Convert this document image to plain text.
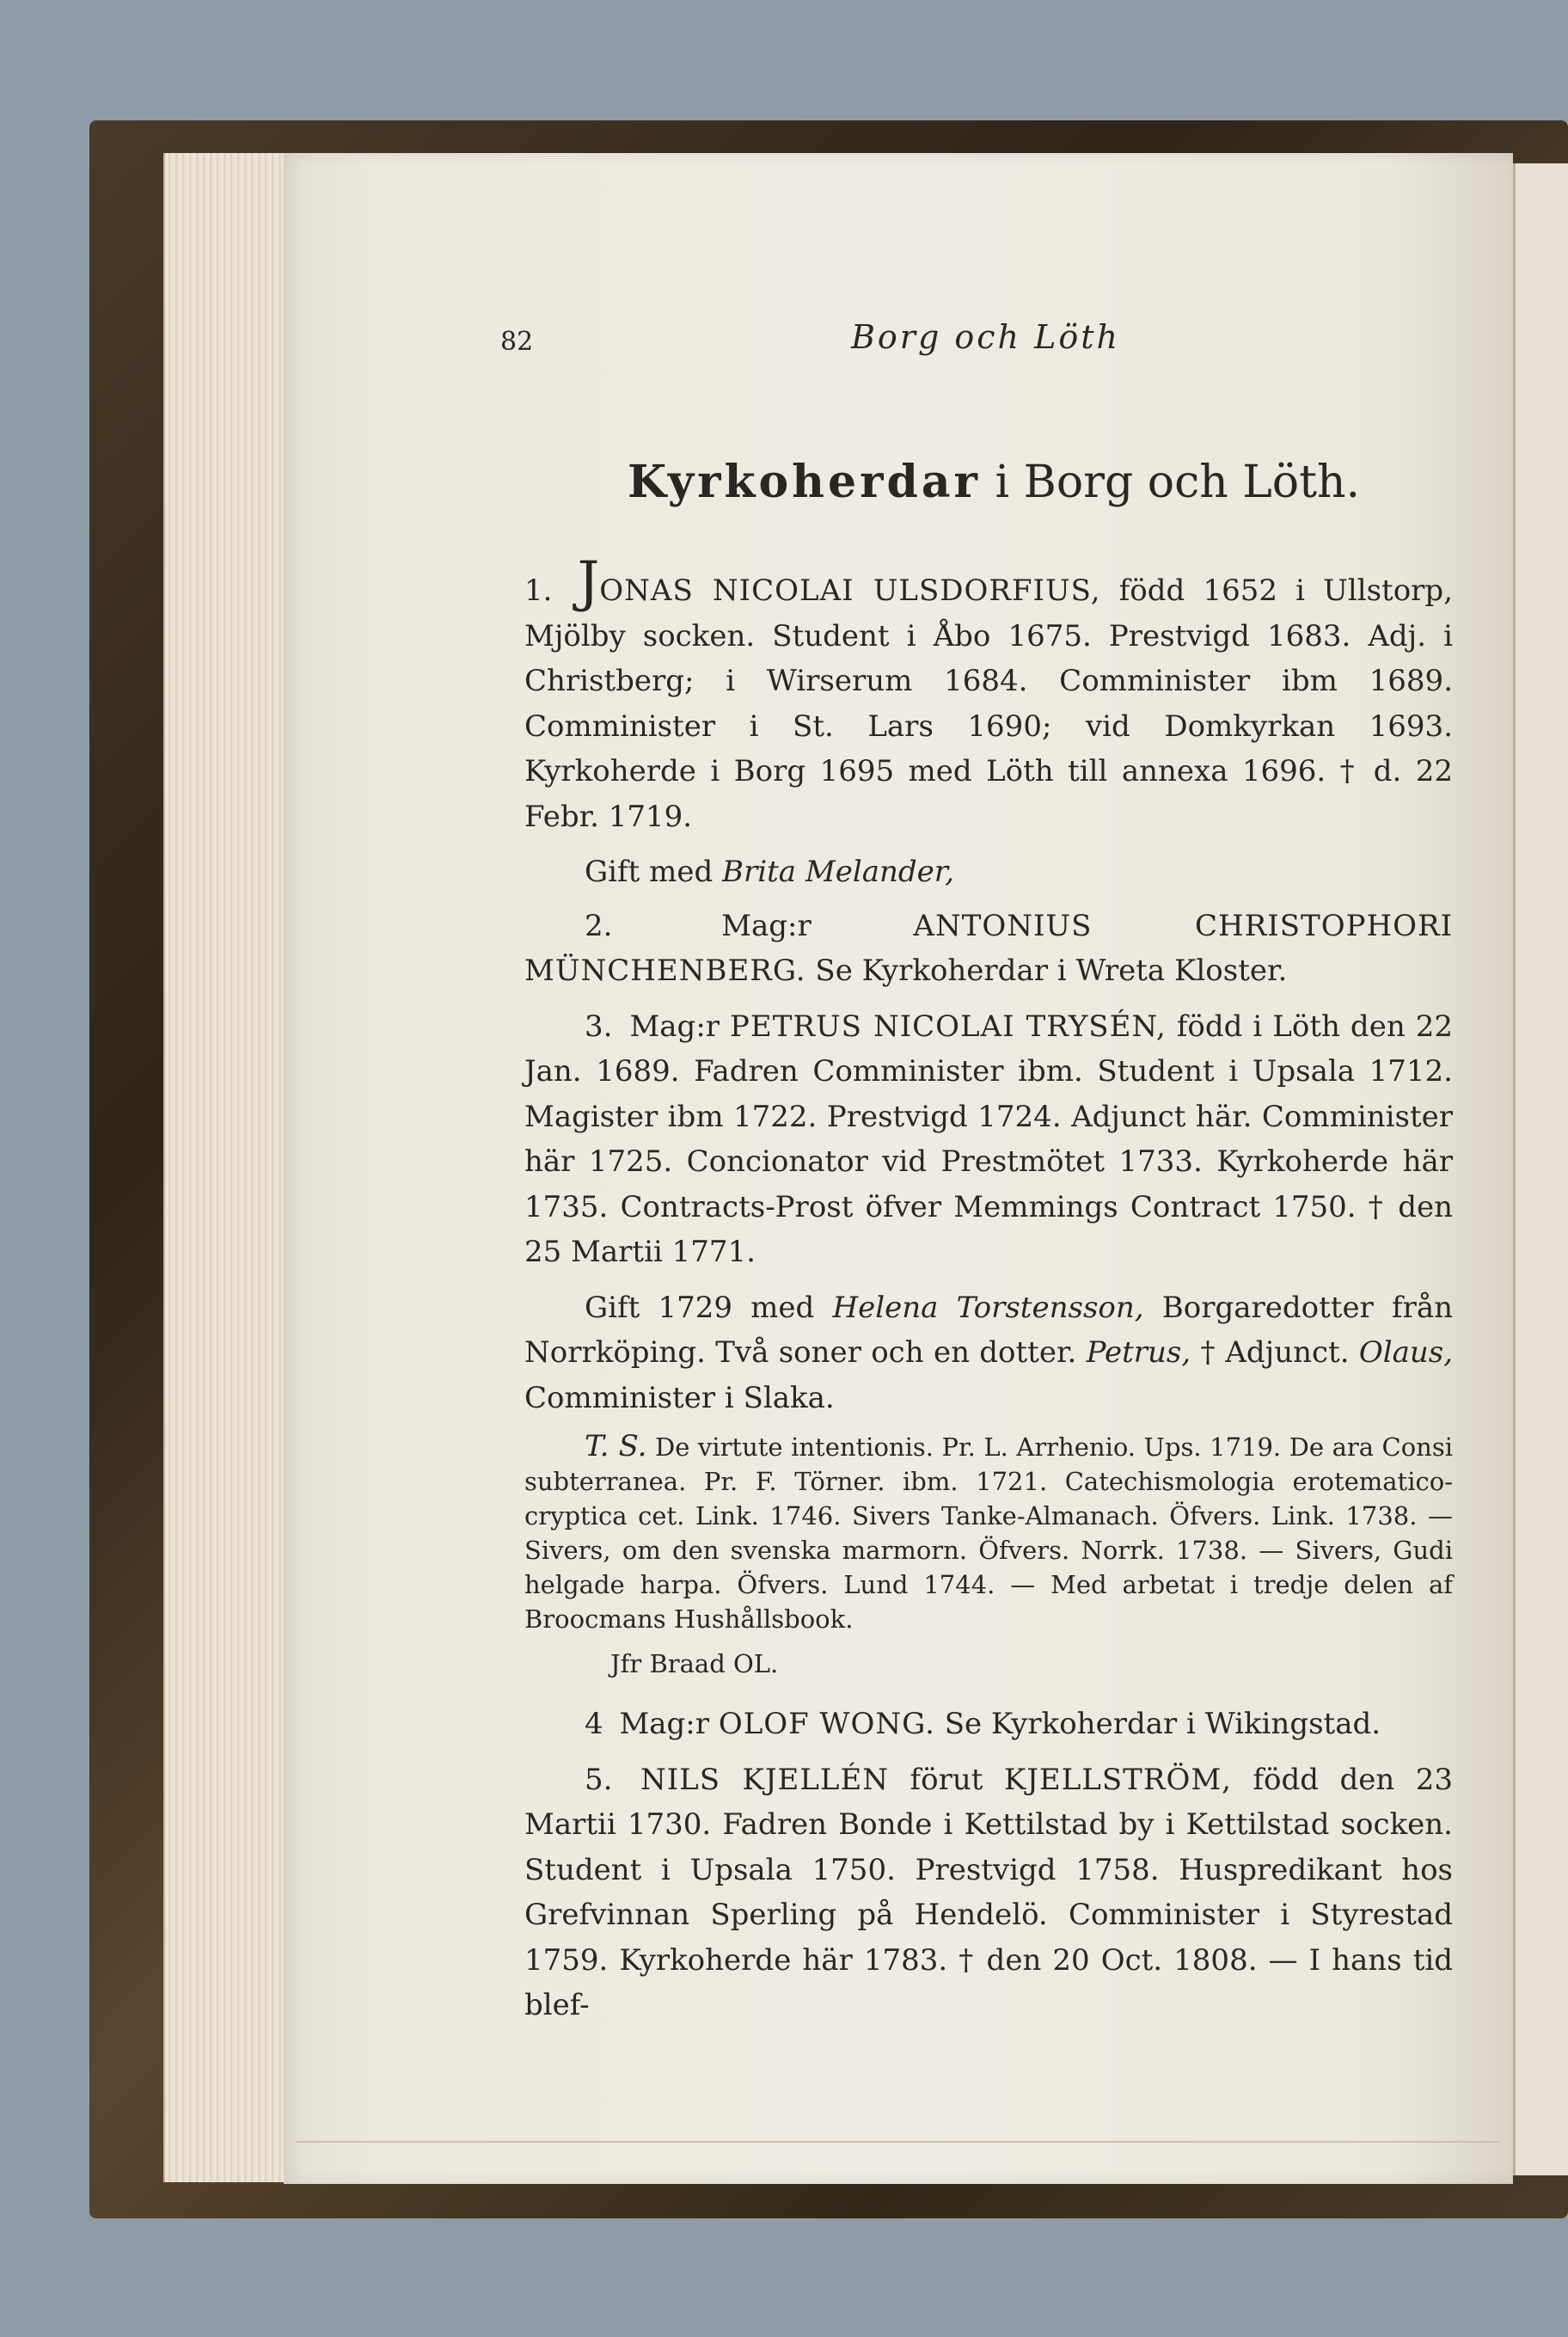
82	Borg och Löth
Kyrkoherdar i Borg och Löth.

1. JONAS NICOLAI ULSDORFIUS, född 1652 i Ullstorp, Mjölby socken. Student i Åbo 1675. Prestvigd 1683. Adj. i Christberg; i Wirserum 1684. Comminister ibm 1689. Comminister i St. Lars 1690; vid Domkyrkan 1693. Kyrkoherde i Borg 1695 med Löth till annexa 1696. † d. 22 Febr. 1719.

Gift med Brita Melander,

2.	Mag:r	ANTONIUS CHRISTOPHORI MÜNCHENBERG. Se Kyrkoherdar i Wreta Kloster.

3. Mag:r PETRUS NICOLAI TRYSÉN, född i Löth den 22 Jan. 1689. Fadren Comminister ibm. Student i Upsala 1712. Magister ibm 1722. Prestvigd 1724. Adjunct här. Comminister här 1725. Concionator vid Prestmötet 1733. Kyrkoherde här 1735. Contracts-Prost öfver Memmings Contract 1750. † den 25 Martii 1771.

Gift 1729 med Helena Torstensson, Borgaredotter från Norrköping. Två soner och en dotter. Petrus, † Adjunct. Olaus, Comminister i Slaka.

T. S. De virtute intentionis. Pr. L. Arrhenio. Ups. 1719. De ara Consi subterranea. Pr. F. Törner. ibm. 1721. Catechismologia erotematico-cryptica cet. Link. 1746. Sivers Tanke-Almanach. Öfvers. Link. 1738. — Sivers, om den svenska marmorn. Öfvers. Norrk. 1738. — Sivers, Gudi helgade harpa. Öfvers. Lund 1744. — Med arbetat i tredje delen af Broocmans Hushållsbook.

Jfr Braad OL.

4 Mag:r OLOF WONG. Se Kyrkoherdar i Wikingstad.

5. NILS KJELLÉN förut KJELLSTRÖM, född den 23 Martii 1730. Fadren Bonde i Kettilstad by i Kettilstad socken. Student i Upsala 1750. Prestvigd 1758. Huspredikant hos Grefvinnan Sperling på Hendelö. Comminister i Styrestad 1759. Kyrkoherde här 1783. † den 20 Oct. 1808. — I hans tid blef-
